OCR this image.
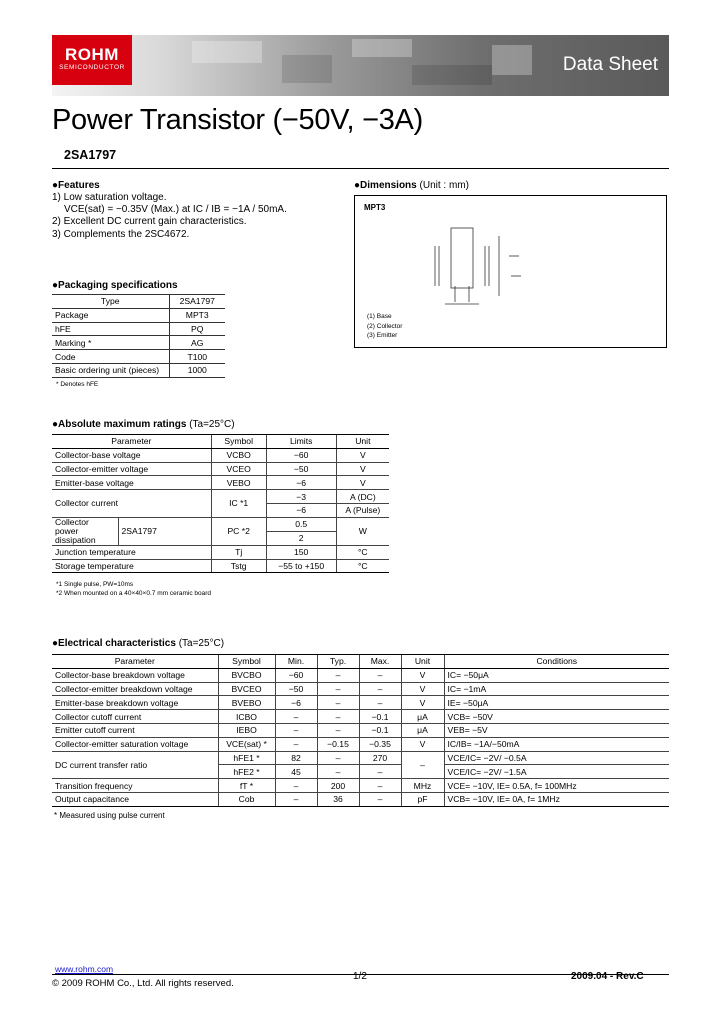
ROHM
SEMICONDUCTOR	Data Sheet
Power Transistor (−50V, −3A)
2SA1797
●Features
1) Low saturation voltage.
VCE(sat) = −0.35V (Max.) at IC / IB = −1A / 50mA.
2) Excellent DC current gain characteristics.
3) Complements the 2SC4672.
●Dimensions (Unit : mm)
MPT3
(1) Base
(2) Collector
(3) Emitter
●Packaging specifications
Type	2SA1797
Package	MPT3
hFE	PQ
Marking *	AG
Code	T100
Basic ordering unit (pieces)	1000
* Denotes hFE
●Absolute maximum ratings (Ta=25°C)
Parameter		Symbol	Limits	Unit
Collector-base voltage		VCBO	−60	V
Collector-emitter voltage		VCEO	−50	V
Emitter-base voltage		VEBO	−6	V
Collector current		IC *1	−3	A (DC)
			−6	A (Pulse)
Collector power dissipation	2SA1797	PC *2	0.5	W
			2	
Junction temperature		Tj	150	°C
Storage temperature		Tstg	−55 to +150	°C
*1 Single pulse, PW=10ms
*2 When mounted on a 40×40×0.7 mm ceramic board
●Electrical characteristics (Ta=25°C)
Parameter	Symbol	Min.	Typ.	Max.	Unit	Conditions
Collector-base breakdown voltage	BVCBO	−60	–	–	V	IC= −50μA
Collector-emitter breakdown voltage	BVCEO	−50	–	–	V	IC= −1mA
Emitter-base breakdown voltage	BVEBO	−6	–	–	V	IE= −50μA
Collector cutoff current	ICBO	–	–	−0.1	μA	VCB= −50V
Emitter cutoff current	IEBO	–	–	−0.1	μA	VEB= −5V
Collector-emitter saturation voltage	VCE(sat) *	–	−0.15	−0.35	V	IC/IB= −1A/−50mA
DC current transfer ratio	hFE1 *	82	–	270	–	VCE/IC= −2V/ −0.5A
	hFE2 *	45	–	–		VCE/IC= −2V/ −1.5A
Transition frequency	fT *	–	200	–	MHz	VCE= −10V, IE= 0.5A, f= 100MHz
Output capacitance	Cob	–	36	–	pF	VCB= −10V, IE= 0A, f= 1MHz
* Measured using pulse current
www.rohm.com
© 2009 ROHM Co., Ltd. All rights reserved.
1/2	2009.04 - Rev.C
